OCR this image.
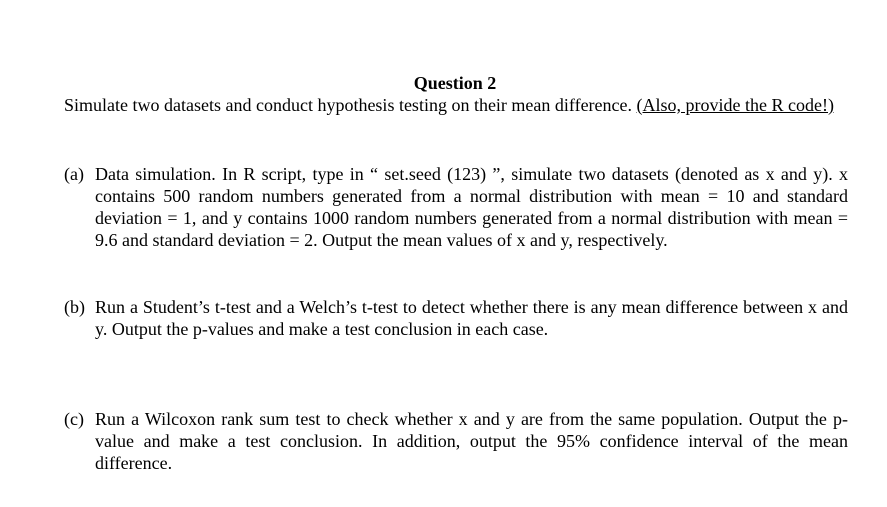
Question 2
Simulate two datasets and conduct hypothesis testing on their mean difference. (Also, provide the R code!)
(a) Data simulation. In R script, type in “ set.seed (123) ”, simulate two datasets (denoted as x and y). x contains 500 random numbers generated from a normal distribution with mean = 10 and standard deviation = 1, and y contains 1000 random numbers generated from a normal distribution with mean = 9.6 and standard deviation = 2. Output the mean values of x and y, respectively.
(b) Run a Student’s t-test and a Welch’s t-test to detect whether there is any mean difference between x and y. Output the p-values and make a test conclusion in each case.
(c) Run a Wilcoxon rank sum test to check whether x and y are from the same population. Output the p-value and make a test conclusion. In addition, output the 95% confidence interval of the mean difference.
